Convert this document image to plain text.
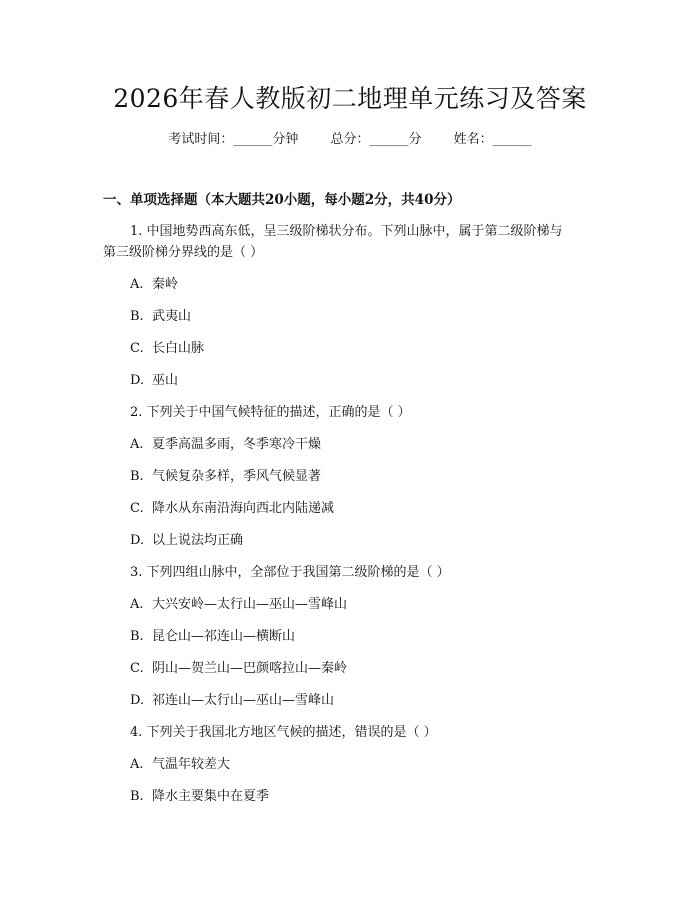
2026年春人教版初二地理单元练习及答案
考试时间：______分钟 总分：______分 姓名：______
一、单项选择题（本大题共20小题，每小题2分，共40分）
1. 中国地势西高东低，呈三级阶梯状分布。下列山脉中，属于第二级阶梯与
第三级阶梯分界线的是（ ）
A. 秦岭
B. 武夷山
C. 长白山脉
D. 巫山
2. 下列关于中国气候特征的描述，正确的是（ ）
A. 夏季高温多雨，冬季寒冷干燥
B. 气候复杂多样，季风气候显著
C. 降水从东南沿海向西北内陆递减
D. 以上说法均正确
3. 下列四组山脉中，全部位于我国第二级阶梯的是（ ）
A. 大兴安岭—太行山—巫山—雪峰山
B. 昆仑山—祁连山—横断山
C. 阴山—贺兰山—巴颜喀拉山—秦岭
D. 祁连山—太行山—巫山—雪峰山
4. 下列关于我国北方地区气候的描述，错误的是（ ）
A. 气温年较差大
B. 降水主要集中在夏季
